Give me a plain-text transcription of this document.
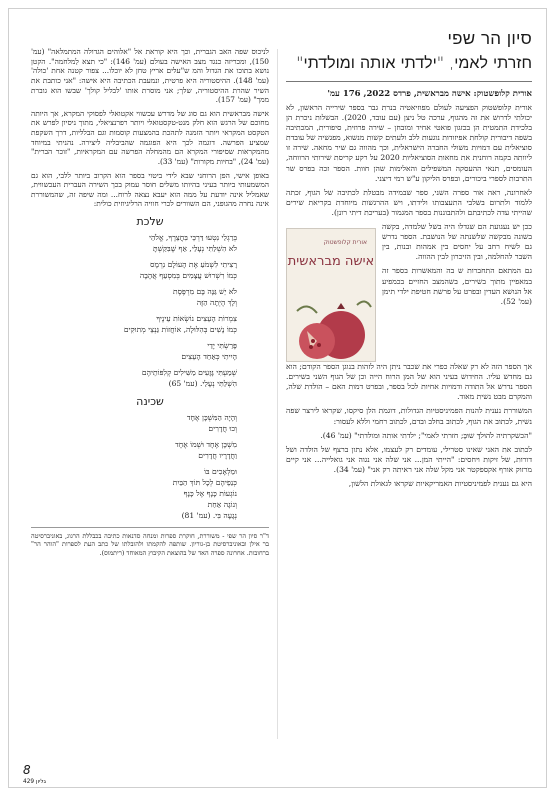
סיון הר שפי
חזרתי לאמי, "ילדתי אותה ומולדתי"
אורית קלופשטוק: אישה מבראשית, פרדס 2022, 176 עמ'

אורית קלופשטוק הפציעה לעולם מפוזיאטיה בנרת גבר בספר שירייה הראשון, לא יכולתי לדרוש את זה מהגוף, ערכה טל ניצן (עם עובד, 2020). הבשלות ניכרת הן בלכידת התמטית הן בכזגון פואטי אחיד ומובחן – שירה פרוזית, סיפורית, המכתיבה בשפה דיבורית קולחת אפיזודות נוגעות ללב ולעתים קשות מנשוא, מפגשיה של עובדת סוציאלית עם דמויות משולי החברה הישראלית, וכך מהווה גם שיר מחאה. שירה זו ליוותה בקמה רוחנית את מחאות הסוציאליות 2020 על רקע קריסת שירותי הרווחה, העומסים, תנאי ההעסקה המשפילים והאלימות שהן חוות. הספר זכה בפרס שר התרבות לספרי ביכורים, ובפרס הליקון ע"ש רמי דיצני.

לאחרונה, ראה אור ספרה השני, ספר שבמידה מבטלת לכתיבה של הגוף, זכתה ללמוד ולתרום בשלבי התעצבותו ולידתו, ויש ההרגשות מיוחדת בקריאת שירים שהייתי עדה לכתיבתם ולהתבוננות בספר המגמור (בעריכת דיתי רונן).

ככן יש נעגועת הם שגדלו היה בשל שלמדה, בקשה בשונה מבקשה שלשנתה של הנושבת. הספר נדרש גם לשיח רחב על יחסים בין אמהות ובנות, בין השבר להחלמה, ובין הזיכרון לבין ההווה.

גם המתאם התחברות ש בה והמאשרות בספר זה במאפיין מתוך בשירים, בשהמצב החזיים בכמפיע אל הנושא העדין ובפרט על פרשת חטיפת ילדי תימן (עמ' 52).

אורית קלופשטוק
אישה מבראשית

אך הספר הזה לא רק שאלה כפרי את שכבר ניתן היה לזהות בנוגן הספר הקודם; הוא גם מחדש עליו. החידוש בעיני הוא של המן הרוח הייה וכן של הגוף השני בשירים. הספר נדרש אל התודה ודמויות אחיות לכל בספר, ובפרט דמות האם – הולדת שלה, והמקרם מבט נשית מאוד.

המשוררת נענית להנות הפמיניסטיות הגדולות, דוגמת הלן סיקסו, שקראו לירצר שפה נשית, לכתוב את הגוף, לכתוב בחלב ובדם, לכתוב רחמי וללא לעסור:

"הכשקרתיה לֹהוּלדָּ שוּבָּ; חזרתי לאמי"; ילדתי אותה וּמולדתי" (עמ' 46).

לכתוב את האני שאינו סטרילי, עומדים רק לעצמו, אלא נתון ברצף של הולדה ושל דורות, של זיקות ויחסים: "הייתי המן... אני שלה אני נגוה אני גואלייה... אני קיים מרזוק אורף אקספקטר אני מקל שלה אני ראיתה רק אני" (עמ' 34).

היא גם נענית לפמיניסטיות האמריקאיות שקראו לגאולת הלשון,

לניכוס שפה האב הגברית, וכך היא קוראת אל "אלוהים הגדולה המתמלאה" (עמ' 150), ומכריזה כנגד מצב האישה בעולם (עמ' 146): "כי תצא לַמלחמה". הקטן נושא בתוכו את הגדול והמ ש"עלים אריץ טחן לא יוכלו... צפור קטנה אחת 'כולה' (עמ' 148). ההיסטוריה היא פרטית, ונמעבת הכתיבה היא אישה: "אני כותבת את השיר שהרת ההיסטוריה, שלך; אני מוסרת אותו 'לבליל קולך' שבשו הוא גוברת ממך" (עמ' 157).

אישה מבראשית הוא גם סוג של מדרש עכשווי אקטואלי לפסוקי המקרא, אך היותה מחוכם של הרגש הוא חלק מנט-טקסטואלי ויותר רפרנציאלי, מתוך ניסיון לפרש את הטקסט המקראי ויותר הזמנה לתהכת בהמצעות קוסמות וגם הבלליות, דרך השקפת שמציע הפרשה. דוגמה לכך היא הפוגמה שהביבליה ליצירה. נהניתי במיוחד מהמקראות שסיפורי המקרא הם מהמחלה הפרשה עם המקראיות, "זוכר הברית" (עמ' 24), "בחיות מקורות" (עמ' 33).

באופן אישי, הפן הרוחני שבא לידי ביטוי בספר הוא הקרוב ביותר ללבי, הוא גם המשמעותי ביותר בעיני בהיותו משלים חוסר עמוק בכך השירה העברית העכשווית, שאמליל אינה יודעת על ממה הוא יעבא נצאה לרוח... ומה שיפה זה, שהמשוררת אינה נחרה מהגופני, הם השוורים לכרי חוויה הרליגיוזית כולית:

שלכת
בְּרַגְלַי נִטְעוּ דַּרְכֵּי בִּחֲצֵרֶךָ, אֱלֹהַי
לֹא הִשְׁלַתִּי נְעָלַי, אַף שֶׁבִּקַּשְׁתָּ
רָצִיתִי לִשְׁמֹעַ אֶת הָעוֹלָם נִרְמָס
כְּמוֹ רִשְׁרוּשׁ עֲצָמִים בְּמִסְעַף אֲהָבָה
לֹא יֵשׁ גַּנָּה בָּם מִרְפֶּסֶת
וְלָךְ הֶיְתָה הַזֶּה
צִמְרוֹת הָעֵצִים נוֹשְׂאוֹת עֵינֶיךָ
כְּמוֹ נָשִׁים בְּהִלּוּלָה, אוֹחֲזוֹת גַּנְצֵי מְתוּקִים
פָּרַשְׂתִּי יָדַי
הָיִיתִי כְּאַחַד הָעֵצִים
שְׁמַעְתִּי גָּזָעִים מַשִּׁילִים קְלִפּוֹתֵיהֶם
הִשְׁלַתִּי נְעָלַי. (עמ' 65)
שכינה
וְהָיָה הַמִּשְׁכָּן אֶחָד
וְכוּ חֲדָרִים
מִשְׁכָּן אֶחָד וּשְׁמוֹ אֶחָד
וַחֲדָרָיו חֲדָרִים
וּמַלְאָכִים בּוֹ
כְּנַפֵיהֶם לְכָל תּוֹךְ הַבַּיִת
נוֹגְעוֹת כָּנָף אֶל כָּנָף
וְנוֹגָה אַחַת
נְגָעָה בִּי. (עמ' 81)
ד"ר סיון הר שפי - משוררת, חוקרת ספרות ומנחה סדנאות כתיבה בכבללת הרגוג, באוניברסיטה בר אילן ובאוניברסיטת בן-גוריון. שותפה להקמתו ולהובלתו של כתב העת לספרות "הוהר הר" ברחובות. אחרונה ספרה האד של בהוצאת הקיבוץ המאוחד (ריתמוס).
8
גליון 429
